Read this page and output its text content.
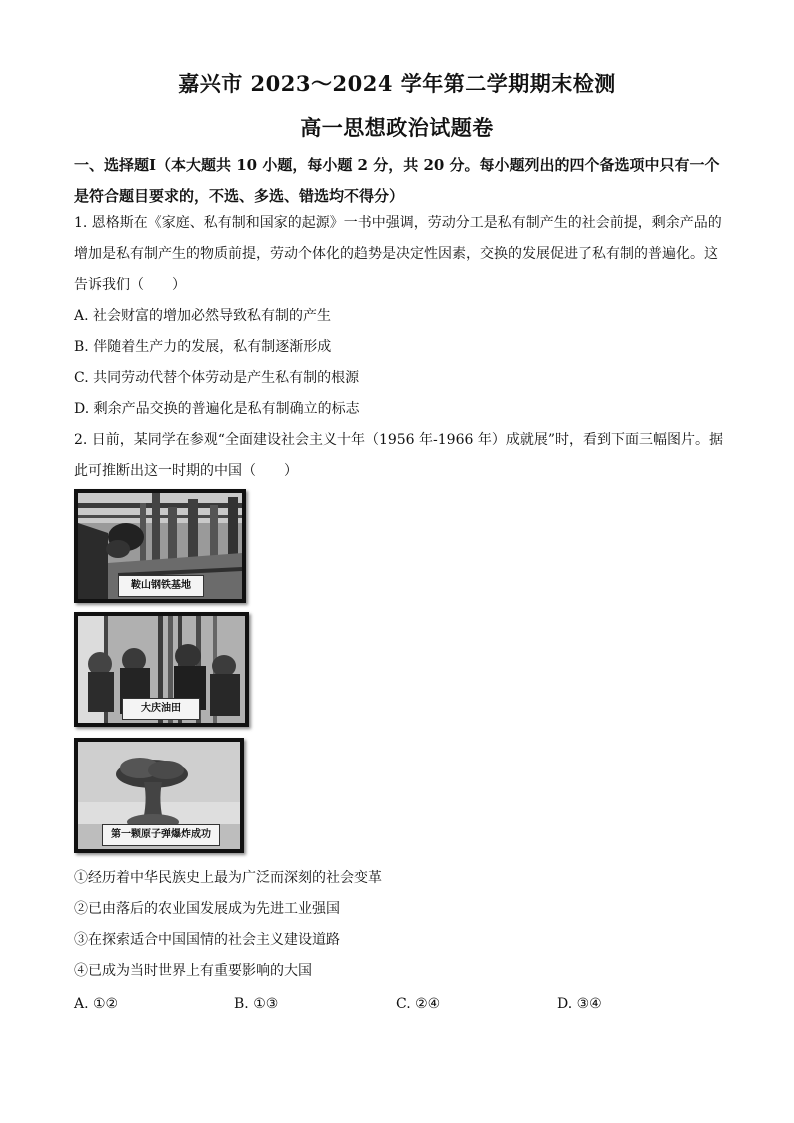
嘉兴市 2023～2024 学年第二学期期末检测
高一思想政治试题卷
一、选择题Ⅰ（本大题共 10 小题，每小题 2 分，共 20 分。每小题列出的四个备选项中只有一个是符合题目要求的，不选、多选、错选均不得分）
1. 恩格斯在《家庭、私有制和国家的起源》一书中强调，劳动分工是私有制产生的社会前提，剩余产品的增加是私有制产生的物质前提，劳动个体化的趋势是决定性因素，交换的发展促进了私有制的普遍化。这告诉我们（　　）
A. 社会财富的增加必然导致私有制的产生
B. 伴随着生产力的发展，私有制逐渐形成
C. 共同劳动代替个体劳动是产生私有制的根源
D. 剩余产品交换的普遍化是私有制确立的标志
2. 日前，某同学在参观“全面建设社会主义十年（1956 年-1966 年）成就展”时，看到下面三幅图片。据此可推断出这一时期的中国（　　）
鞍山钢铁基地
大庆油田
第一颗原子弹爆炸成功
①经历着中华民族史上最为广泛而深刻的社会变革
②已由落后的农业国发展成为先进工业强国
③在探索适合中国国情的社会主义建设道路
④已成为当时世界上有重要影响的大国
A. ①②	B. ①③	C. ②④	D. ③④
